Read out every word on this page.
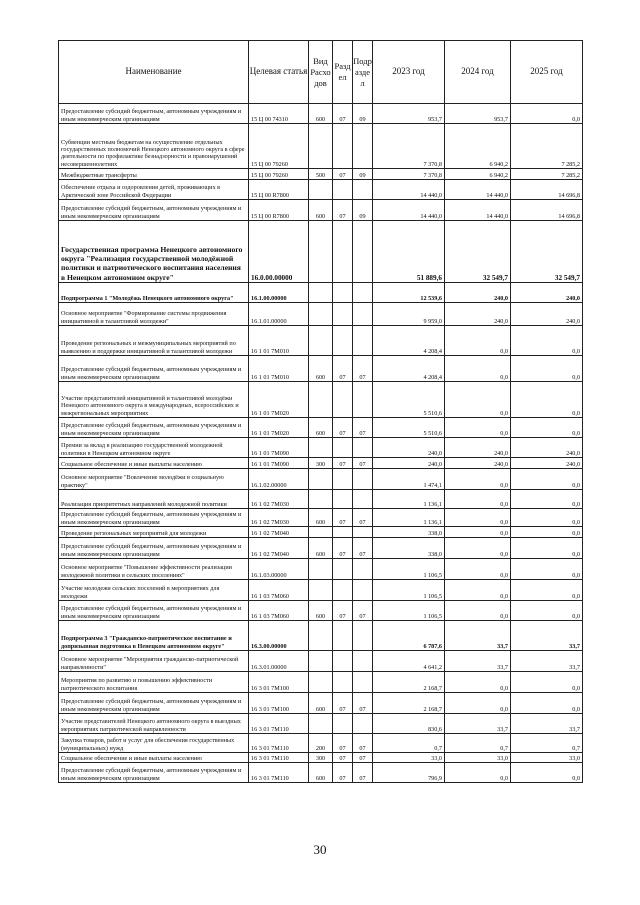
Наименование	Целевая статья	Вид Расхо дов	Разд ел	Подр азде л	2023 год	2024 год	2025 год
Предоставление субсидий бюджетным, автономным учреждениям и иным некоммерческим организациям	15 Ц 00 74310	600	07	09	953,7	953,7	0,0
Субвенции местным бюджетам на осуществление отдельных государственных полномочий Ненецкого автономного округа в сфере деятельности по профилактике безнадзорности и правонарушений несовершеннолетних	15 Ц 00 79260				7 370,8	6 940,2	7 285,2
Межбюджетные трансферты	15 Ц 00 79260	500	07	09	7 370,8	6 940,2	7 285,2
Обеспечение отдыха и оздоровления детей, проживающих в Арктической зоне Российской Федерации	15 Ц 00 R7800				14 440,0	14 440,0	14 696,8
Предоставление субсидий бюджетным, автономным учреждениям и иным некоммерческим организациям	15 Ц 00 R7800	600	07	09	14 440,0	14 440,0	14 696,8
Государственная программа Ненецкого автономного округа "Реализация государственной молодёжной политики и патриотического воспитания населения в Ненецком автономном округе"	16.0.00.00000				51 889,6	32 549,7	32 549,7
Подпрограмма 1 "Молодёжь Ненецкого автономного округа"	16.1.00.00000				12 539,6	240,0	240,0
Основное мероприятие "Формирование системы продвижения инициативной и талантливой молодежи"	16.1.01.00000				9 959,0	240,0	240,0
Проведение региональных и межмуниципальных мероприятий по выявлению и поддержке инициативной и талантливой молодежи	16 1 01 7М010				4 208,4	0,0	0,0
Предоставление субсидий бюджетным, автономным учреждениям и иным некоммерческим организациям	16 1 01 7М010	600	07	07	4 208,4	0,0	0,0
Участие представителей инициативной и талантливой молодёжи Ненецкого автономного округа в международных, всероссийских и межрегиональных мероприятиях	16 1 01 7М020				5 510,6	0,0	0,0
Предоставление субсидий бюджетным, автономным учреждениям и иным некоммерческим организациям	16 1 01 7М020	600	07	07	5 510,6	0,0	0,0
Премии за вклад в реализацию государственной молодежной политики в Ненецком автономном округе	16 1 01 7М090				240,0	240,0	240,0
Социальное обеспечение и иные выплаты населению	16 1 01 7М090	300	07	07	240,0	240,0	240,0
Основное мероприятие "Вовлечение молодёжи в социальную практику"	16.1.02.00000				1 474,1	0,0	0,0
Реализация приоритетных направлений молодежной политики	16 1 02 7М030				1 136,1	0,0	0,0
Предоставление субсидий бюджетным, автономным учреждениям и иным некоммерческим организациям	16 1 02 7М030	600	07	07	1 136,1	0,0	0,0
Проведение региональных мероприятий для молодежи	16 1 02 7М040				338,0	0,0	0,0
Предоставление субсидий бюджетным, автономным учреждениям и иным некоммерческим организациям	16 1 02 7М040	600	07	07	338,0	0,0	0,0
Основное мероприятие "Повышение эффективности реализации молодежной политики в сельских поселениях"	16.1.03.00000				1 106,5	0,0	0,0
Участие молодежи сельских поселений в мероприятиях для молодежи	16 1 03 7М060				1 106,5	0,0	0,0
Предоставление субсидий бюджетным, автономным учреждениям и иным некоммерческим организациям	16 1 03 7М060	600	07	07	1 106,5	0,0	0,0
Подпрограмма 3 "Гражданско-патриотическое воспитание и допризывная подготовка в Ненецком автономном округе"	16.3.00.00000				6 787,6	33,7	33,7
Основное мероприятие "Мероприятия гражданско-патриотической направленности"	16.3.01.00000				4 641,2	33,7	33,7
Мероприятия по развитию и повышению эффективности патриотического воспитания	16 3 01 7М100				2 168,7	0,0	0,0
Предоставление субсидий бюджетным, автономным учреждениям и иным некоммерческим организациям	16 3 01 7М100	600	07	07	2 168,7	0,0	0,0
Участие представителей Ненецкого автономного округа в выездных мероприятиях патриотической направленности	16 3 01 7М110				830,6	33,7	33,7
Закупка товаров, работ и услуг для обеспечения государственных (муниципальных) нужд	16 3 01 7М110	200	07	07	0,7	0,7	0,7
Социальное обеспечение и иные выплаты населению	16 3 01 7М110	300	07	07	33,0	33,0	33,0
Предоставление субсидий бюджетным, автономным учреждениям и иным некоммерческим организациям	16 3 01 7М110	600	07	07	796,9	0,0	0,0
30
